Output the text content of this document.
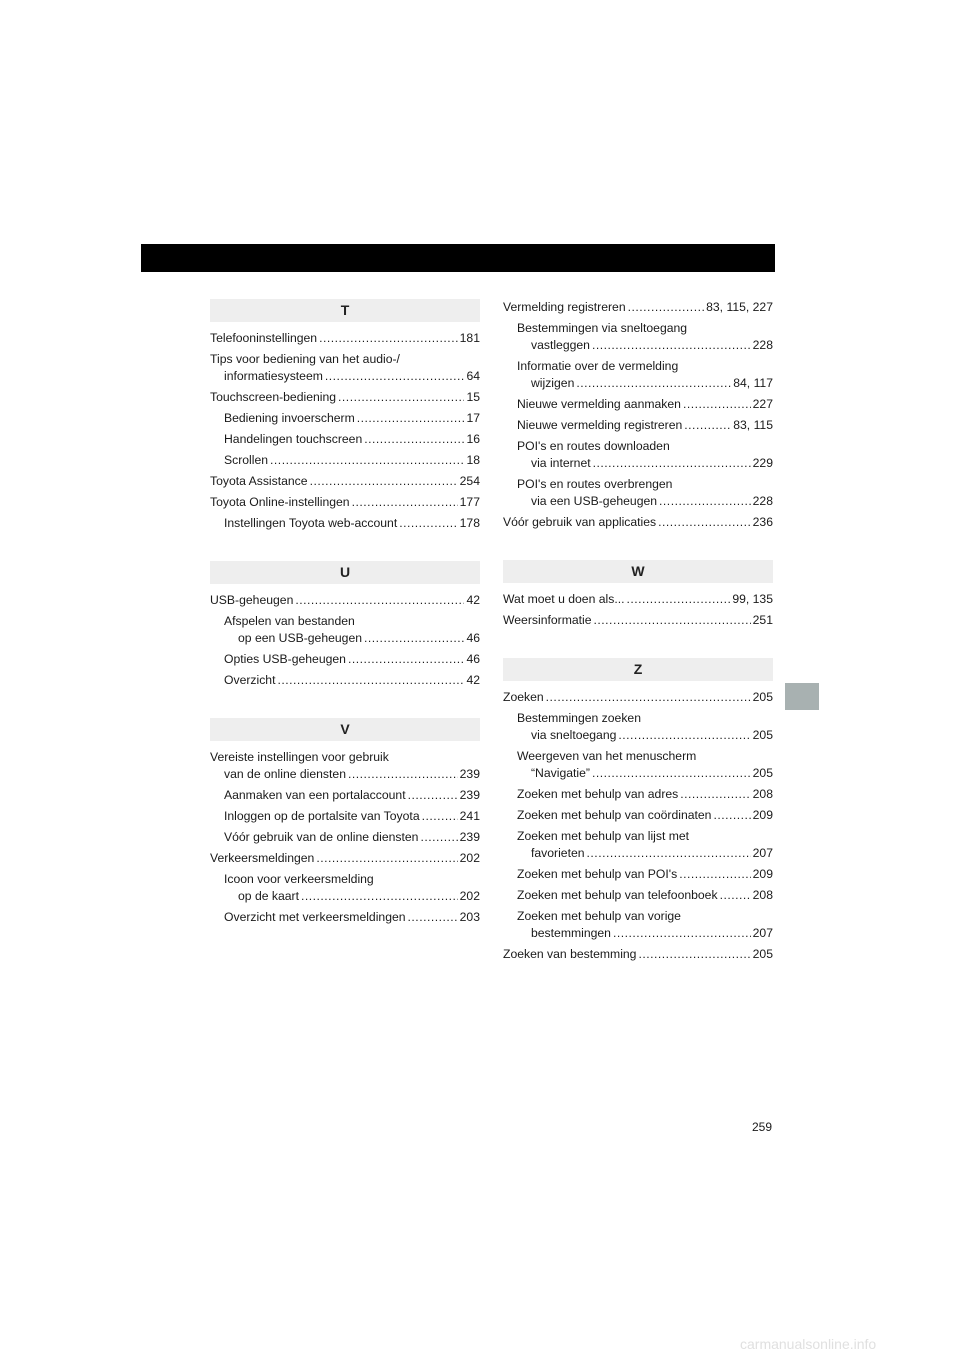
T
Telefooninstellingen .....	181
Tips voor bediening van het audio-/
informatiesysteem .....	64
Touchscreen-bediening .....	15
Bediening invoerscherm .....	17
Handelingen touchscreen .....	16
Scrollen .....	18
Toyota Assistance .....	254
Toyota Online-instellingen .....	177
Instellingen Toyota web-account .....	178
U
USB-geheugen .....	42
Afspelen van bestanden
op een USB-geheugen .....	46
Opties USB-geheugen .....	46
Overzicht .....	42
V
Vereiste instellingen voor gebruik
van de online diensten .....	239
Aanmaken van een portalaccount .....	239
Inloggen op de portalsite van Toyota .....	241
Vóór gebruik van de online diensten .....	239
Verkeersmeldingen .....	202
Icoon voor verkeersmelding
op de kaart .....	202
Overzicht met verkeersmeldingen .....	203
Vermelding registreren .....	83, 115, 227
Bestemmingen via sneltoegang
vastleggen .....	228
Informatie over de vermelding
wijzigen .....	84, 117
Nieuwe vermelding aanmaken .....	227
Nieuwe vermelding registreren .....	83, 115
POI's en routes downloaden
via internet .....	229
POI's en routes overbrengen
via een USB-geheugen .....	228
Vóór gebruik van applicaties .....	236
W
Wat moet u doen als... .....	99, 135
Weersinformatie .....	251
Z
Zoeken .....	205
Bestemmingen zoeken
via sneltoegang .....	205
Weergeven van het menuscherm
“Navigatie” .....	205
Zoeken met behulp van adres .....	208
Zoeken met behulp van coördinaten .....	209
Zoeken met behulp van lijst met
favorieten .....	207
Zoeken met behulp van POI's .....	209
Zoeken met behulp van telefoonboek .....	208
Zoeken met behulp van vorige
bestemmingen .....	207
Zoeken van bestemming .....	205
259
carmanualsonline.info
